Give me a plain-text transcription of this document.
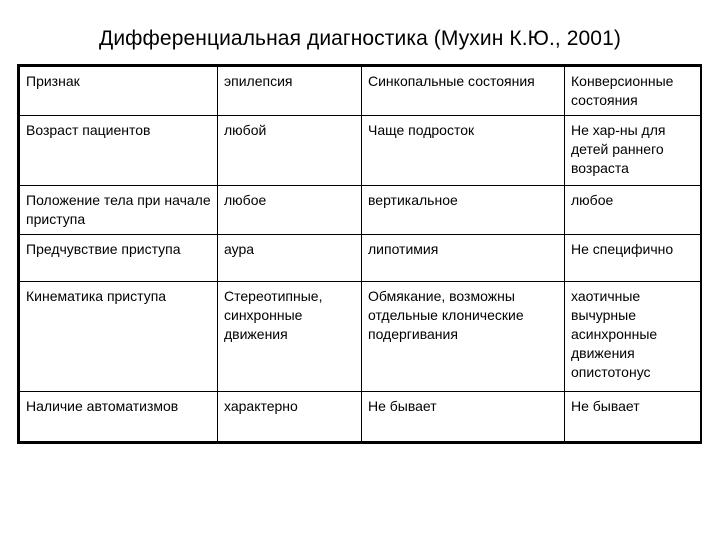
Дифференциальная диагностика (Мухин К.Ю., 2001)
Признак	эпилепсия	Синкопальные состояния	Конверсионные состояния
Возраст пациентов	любой	Чаще подросток	Не хар-ны для детей раннего возраста
Положение тела при начале приступа	любое	вертикальное	любое
Предчувствие приступа	аура	липотимия	Не специфично
Кинематика приступа	Стереотипные, синхронные движения	Обмякание, возможны отдельные клонические подергивания	хаотичные вычурные асинхронные движения опистотонус
Наличие автоматизмов	характерно	Не бывает	Не бывает
